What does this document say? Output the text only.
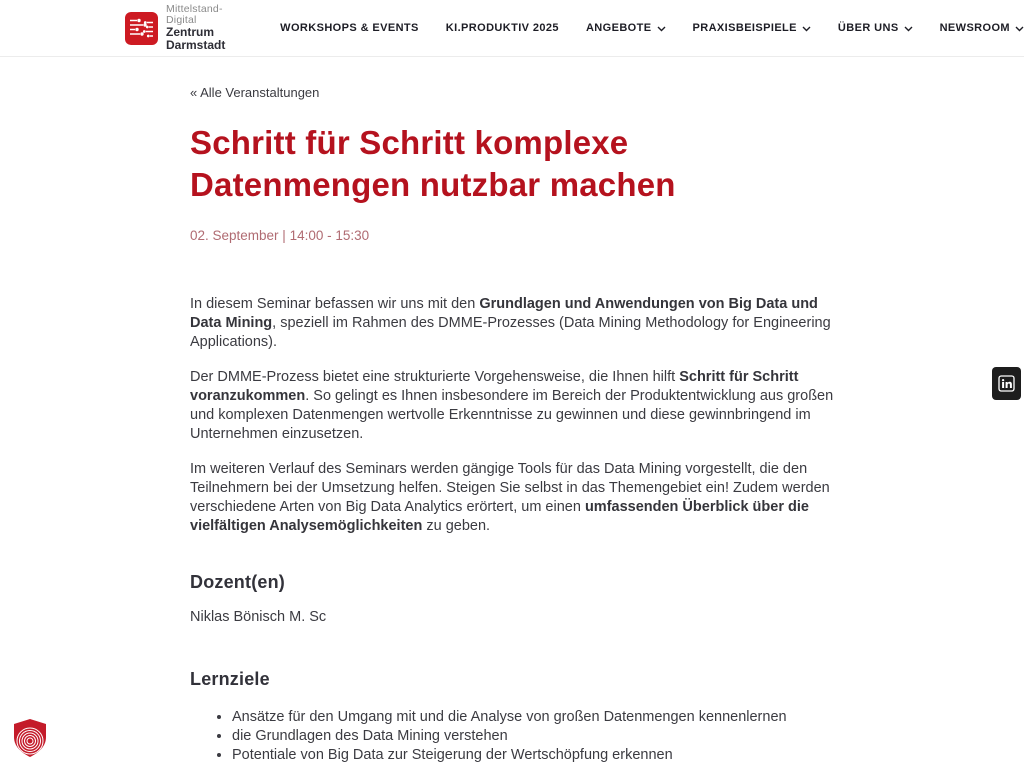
Mittelstand-Digital
Zentrum
Darmstadt
WORKSHOPS & EVENTS KI.PRODUKTIV 2025 ANGEBOTE	PRAXISBEISPIELE	ÜBER UNS	NEWSROOM
« Alle Veranstaltungen
Schritt für Schritt komplexe Datenmengen nutzbar machen
02. September | 14:00 - 15:30

In diesem Seminar befassen wir uns mit den Grundlagen und Anwendungen von Big Data und Data Mining, speziell im Rahmen des DMME-Prozesses (Data Mining Methodology for Engineering Applications).

Der DMME-Prozess bietet eine strukturierte Vorgehensweise, die Ihnen hilft Schritt für Schritt voranzukommen. So gelingt es Ihnen insbesondere im Bereich der Produktentwicklung aus großen und komplexen Datenmengen wertvolle Erkenntnisse zu gewinnen und diese gewinnbringend im Unternehmen einzusetzen.

Im weiteren Verlauf des Seminars werden gängige Tools für das Data Mining vorgestellt, die den Teilnehmern bei der Umsetzung helfen. Steigen Sie selbst in das Themengebiet ein! Zudem werden verschiedene Arten von Big Data Analytics erörtert, um einen umfassenden Überblick über die vielfältigen Analysemöglichkeiten zu geben.

Dozent(en)
Niklas Bönisch M. Sc
Lernziele
• Ansätze für den Umgang mit und die Analyse von großen Datenmengen kennenlernen
• die Grundlagen des Data Mining verstehen
• Potentiale von Big Data zur Steigerung der Wertschöpfung erkennen
